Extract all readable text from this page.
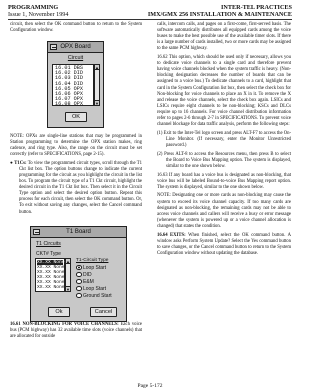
PROGRAMMING
Issue 1, November 1994
INTER-TEL PRACTICES
IMX/GMX 256 INSTALLATION & MAINTENANCE

circuit, then select the OK command button to return to the System Configuration window.

NOTE: OPXs are single-line stations that may be programmed in Station programming to determine the OPX station makes, ring cadence, and ring type. Also, the range on the circuit must be set correctly (refer to SPECIFICATIONS, page 2-15).

● T1Cs: To view the programmed circuit types, scroll through the T1 Ckt list box. The option buttons change to indicate the current programming for the circuit as you highlight the circuit in the list box. To program the circuit type of a T1 Ckt circuit, highlight the desired circuit in the T1 Ckt list box. Then select it in the Circuit Type option and select the desired option button. Repeat this process for each circuit, then select the OK command button. Or, To exit without saving any changes, select the Cancel command button.

16.61 NON-BLOCKING FOR VOICE CHANNELS: Each voice bus (PCM highway) has 32 available time slots (voice channels) that are allocated for outside

OPX Board
Circuit
16.01 DBS
16.02 DID
16.03 DID
16.04 DID
16.05 OPX
16.06 OPX
16.07 OPX
16.08 OPX
▲
▼
OK
T1 Board
T1 Circuits
CKT# Type
XX.XX None
XX.XX None
XX.XX None
XX.XX None
XX.XX None
XX.XX None
▲
▼
T1-Circuit Type
Loop Start
DID
E&M
Loop Start
Ground Start
Ok	Cancel

calls, intercom calls, and pages on a first-come, first-served basis. The software automatically distributes all equipped cards among the voice buses to make the best possible use of the available timer slots. If there is a large number of cards installed, two or more cards may be assigned to the same PCM highway.

16.62 This option, which should be used only if necessary, allows you to dedicate voice channels to a single card and therefore prevent having voice channels blocked when the system traffic is heavy. (Non-blocking designation decreases the number of boards that can be assigned to a voice bus.) To dedicate channels to a card, highlight that card in the System Configuration list box, then select the check box for Non-blocking for voice channels to place an X in it. To remove the X and release the voice channels, select the check box again. LSICs and LSICs require eight channels to be non-blocking; KSCs and DLCs require up to 16 channels. For voice channel distribution information refer to pages 2-6 through 2-7 in SPECIFICATIONS. To prevent voice channel blockage for data traffic analysis, perform the following steps:

(1) Exit to the Inter-Tel logo screen and press ALT-F7 to access the On-Line Monitor. (If necessary, enter the Monitor Unrestricted password.)

(2) Press ALT-8 to access the Resources menu, then press B to select the Board to Voice Bus Mapping option. The system is displayed, similar to the one shown below.

16.63 If any board has a voice bus is designated as non-blocking, that voice bus will be labeled Bound-to-voice Bus Mapping report option. The system is displayed, similar to the one shown below.

NOTE: Designating one or more cards as non-blocking may cause the system to exceed its voice channel capacity. If too many cards are designated as non-blocking, the remaining cards may not be able to access voice channels and callers will receive a busy or error message (whenever the system is powered up or a voice channel allocation is changed) that states the condition.

16.64 EXITS: When finished, select the OK command button. A window asks Perform System Update? Select the Yes command button to save changes, or the Cancel command button to return to the System Configuration window without updating the database.

Page 5-172
